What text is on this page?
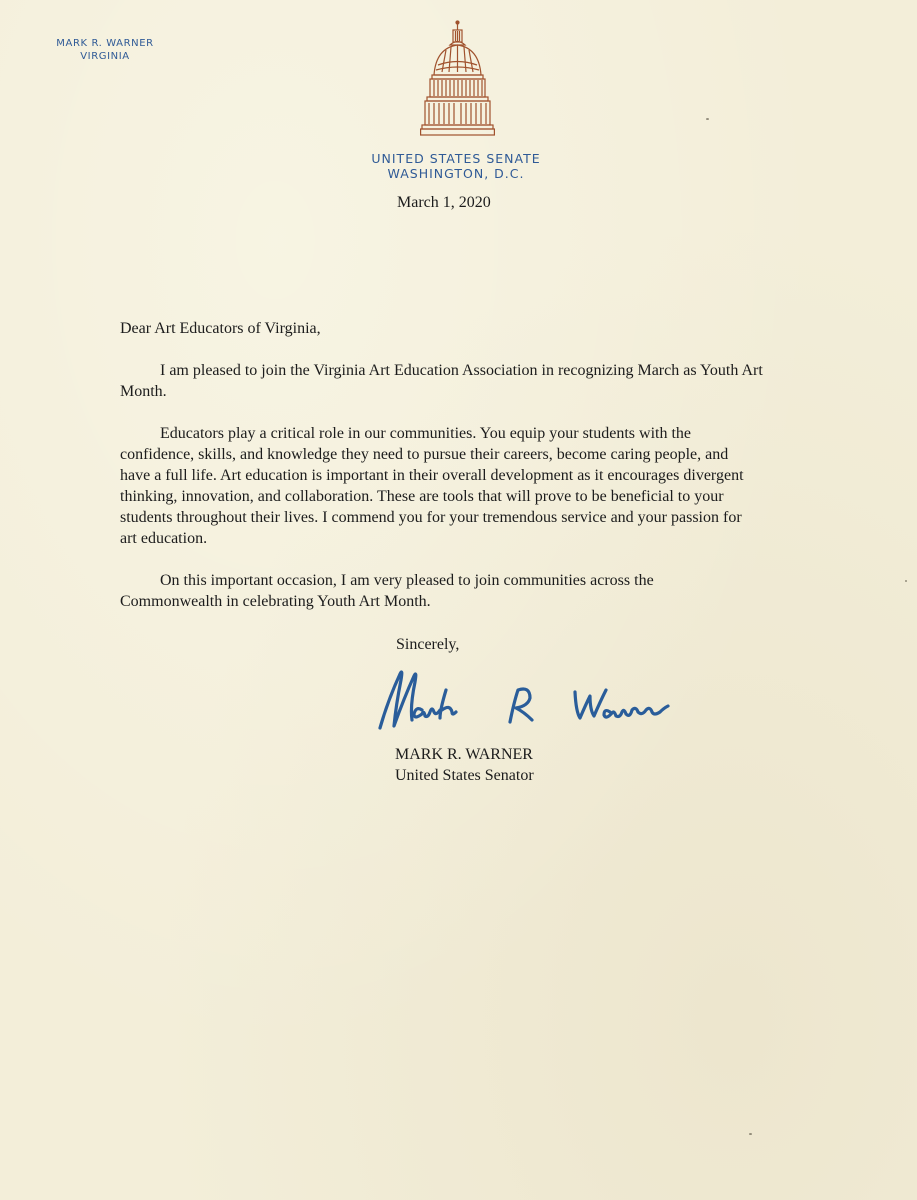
MARK R. WARNER
VIRGINIA
UNITED STATES SENATE
WASHINGTON, D.C.
March 1, 2020

Dear Art Educators of Virginia,

I am pleased to join the Virginia Art Education Association in recognizing March as Youth Art Month.

Educators play a critical role in our communities. You equip your students with the confidence, skills, and knowledge they need to pursue their careers, become caring people, and have a full life. Art education is important in their overall development as it encourages divergent thinking, innovation, and collaboration. These are tools that will prove to be beneficial to your students throughout their lives. I commend you for your tremendous service and your passion for art education.

On this important occasion, I am very pleased to join communities across the Commonwealth in celebrating Youth Art Month.

Sincerely,
MARK R. WARNER
United States Senator
